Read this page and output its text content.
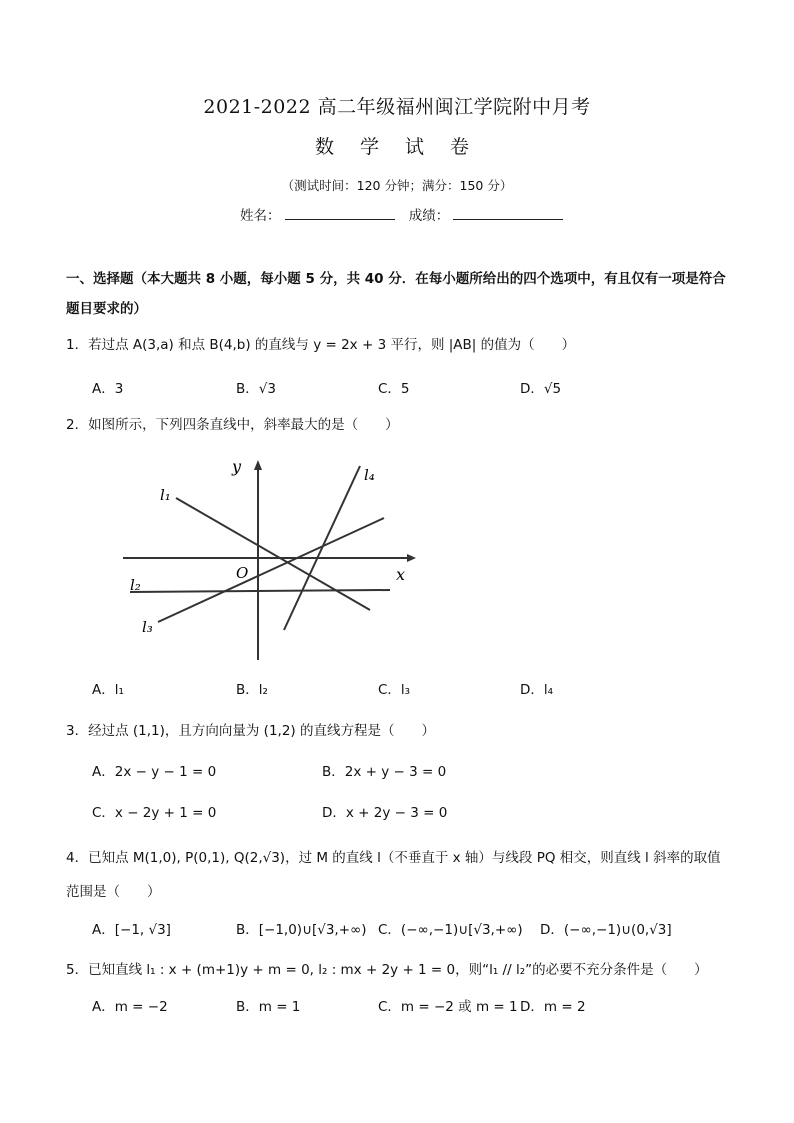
2021-2022 高二年级福州闽江学院附中月考
数 学 试 卷
（测试时间：120 分钟；满分：150 分）
姓名：	成绩：
一、选择题（本大题共 8 小题，每小题 5 分，共 40 分．在每小题所给出的四个选项中，有且仅有一项是符合
题目要求的）
1．若过点 A(3,a) 和点 B(4,b) 的直线与 y = 2x + 3 平行，则 |AB| 的值为（　　）
A．3	B．√3	C．5	D．√5
2．如图所示，下列四条直线中，斜率最大的是（　　）
y
x
O
l₁
l₂
l₃
l₄
A．l₁	B．l₂	C．l₃	D．l₄
3．经过点 (1,1)，且方向向量为 (1,2) 的直线方程是（　　）
A．2x − y − 1 = 0	B．2x + y − 3 = 0
C．x − 2y + 1 = 0	D．x + 2y − 3 = 0
4．已知点 M(1,0), P(0,1), Q(2,√3)，过 M 的直线 l（不垂直于 x 轴）与线段 PQ 相交，则直线 l 斜率的取值
范围是（　　）
A．[−1, √3]	B．[−1,0)∪[√3,+∞) C．(−∞,−1)∪[√3,+∞) D．(−∞,−1)∪(0,√3]
5．已知直线 l₁ : x + (m+1)y + m = 0, l₂ : mx + 2y + 1 = 0，则“l₁ // l₂”的必要不充分条件是（　　）
A．m = −2	B．m = 1	C．m = −2 或 m = 1 D．m = 2
